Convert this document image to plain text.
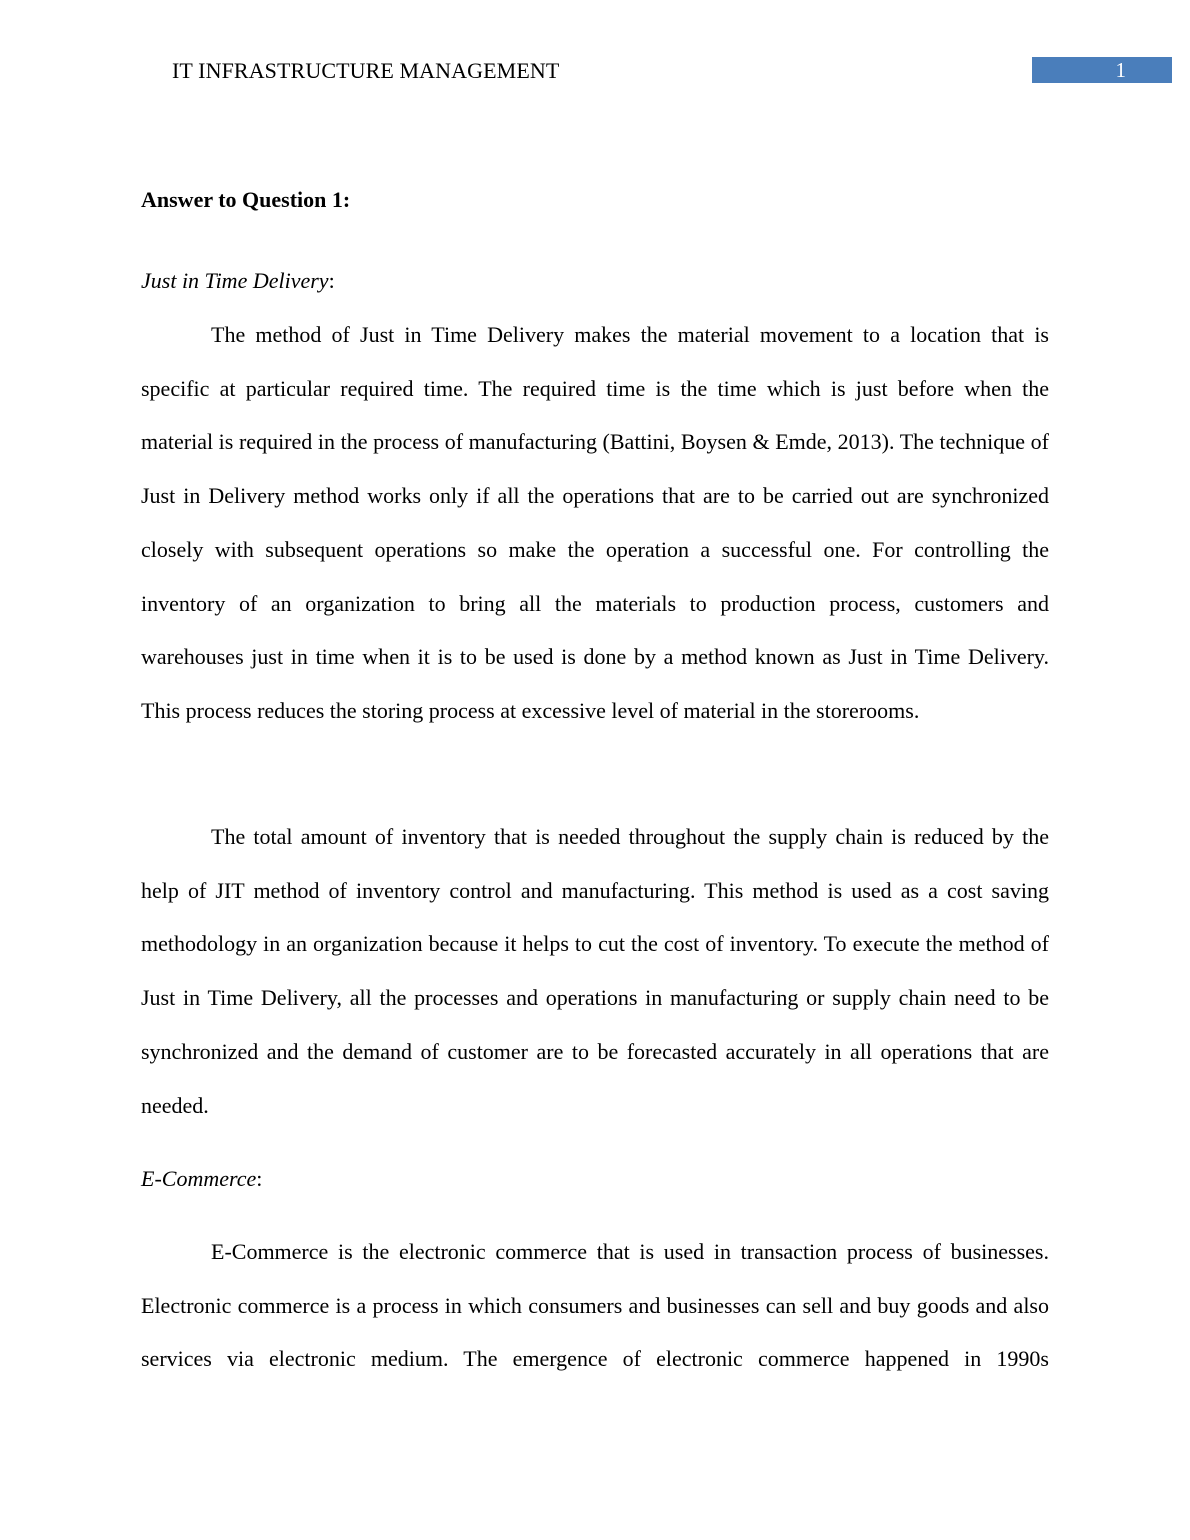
IT INFRASTRUCTURE MANAGEMENT	1
Answer to Question 1:
Just in Time Delivery:

The method of Just in Time Delivery makes the material movement to a location that is specific at particular required time. The required time is the time which is just before when the material is required in the process of manufacturing (Battini, Boysen & Emde, 2013). The technique of Just in Delivery method works only if all the operations that are to be carried out are synchronized closely with subsequent operations so make the operation a successful one. For controlling the inventory of an organization to bring all the materials to production process, customers and warehouses just in time when it is to be used is done by a method known as Just in Time Delivery. This process reduces the storing process at excessive level of material in the storerooms.

The total amount of inventory that is needed throughout the supply chain is reduced by the help of JIT method of inventory control and manufacturing. This method is used as a cost saving methodology in an organization because it helps to cut the cost of inventory. To execute the method of Just in Time Delivery, all the processes and operations in manufacturing or supply chain need to be synchronized and the demand of customer are to be forecasted accurately in all operations that are needed.

E-Commerce:

E-Commerce is the electronic commerce that is used in transaction process of businesses. Electronic commerce is a process in which consumers and businesses can sell and buy goods and also services via electronic medium. The emergence of electronic commerce happened in 1990s
